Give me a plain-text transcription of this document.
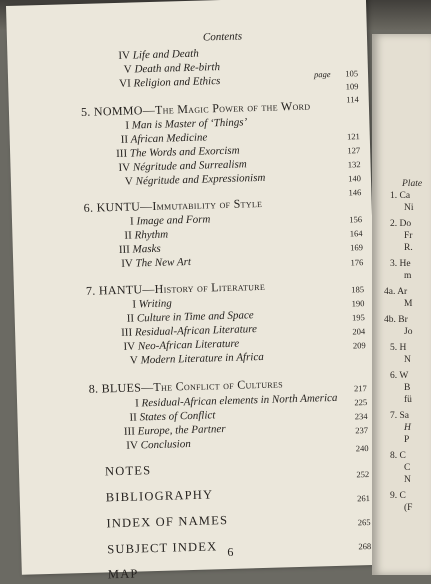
Contents
IV Life and Death
V Death and Re-birth
VI Religion and Ethics
page	105
5. NOMMO—The Magic Power of the Word
109
I Man is Master of ‘Things’
114
II African Medicine
III The Words and Exorcism
121
IV Négritude and Surrealism
127
V Négritude and Expressionism
132
6. KUNTU—Immutability of Style
140
I Image and Form
146
II Rhythm
156
III Masks
164
IV The New Art
169
7. HANTU—History of Literature
176
I Writing
185
II Culture in Time and Space
190
III Residual-African Literature
195
IV Neo-African Literature
204
V Modern Literature in Africa
209
8. BLUES—The Conflict of Cultures
I Residual-African elements in North America
217
II States of Conflict
225
III Europe, the Partner
234
IV Conclusion
237
NOTES
240
BIBLIOGRAPHY
252
INDEX OF NAMES
261
SUBJECT INDEX
265
MAP
268
6
Plate
1. Ca
Ni
2. Do
Fr
R.
3. He
m
4a. Ar
M
4b. Br
Jo
5. H
N
6. W
B
fü
7. Sa
H
P
8. C
C
N
9. C
(F
